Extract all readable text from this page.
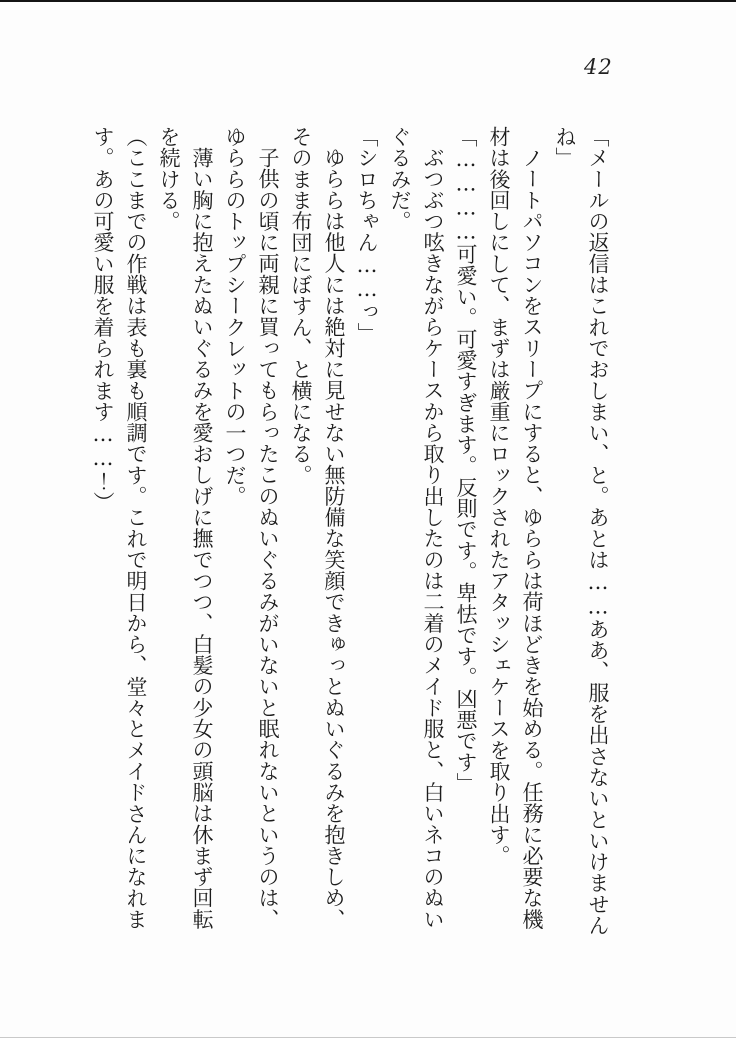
42
「メールの返信はこれでおしまい、と。あとは……ああ、服を出さないといけません
ね」
ノートパソコンをスリープにすると、ゆららは荷ほどきを始める。任務に必要な機
材は後回しにして、まずは厳重にロックされたアタッシェケースを取り出す。
「…………可愛い。可愛すぎます。反則です。卑怯です。凶悪です」
ぶつぶつ呟きながらケースから取り出したのは二着のメイド服と、白いネコのぬい
ぐるみだ。
「シロちゃん……っ」
ゆららは他人には絶対に見せない無防備な笑顔できゅっとぬいぐるみを抱きしめ、
そのまま布団にぼすん、と横になる。
子供の頃に両親に買ってもらったこのぬいぐるみがいないと眠れないというのは、
ゆららのトップシークレットの一つだ。
薄い胸に抱えたぬいぐるみを愛おしげに撫でつつ、白髪の少女の頭脳は休まず回転
を続ける。
（ここまでの作戦は表も裏も順調です。これで明日から、堂々とメイドさんになれま
す。あの可愛い服を着られます……！）
